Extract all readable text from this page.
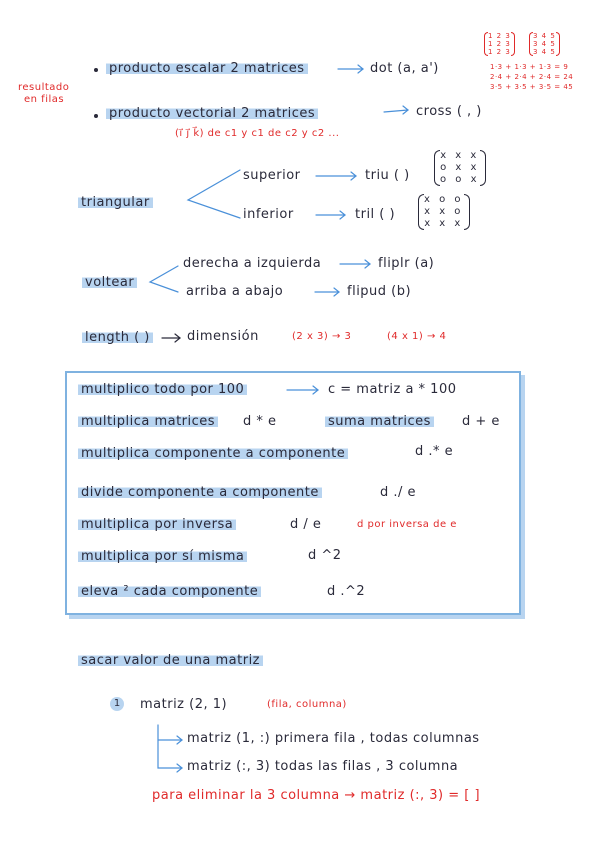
resultado
en filas
producto escalar 2 matrices	dot (a, a')
1 2 3
1 2 3
1 2 3
3 4 5
3 4 5
3 4 5
1·3 + 1·3 + 1·3 = 9
2·4 + 2·4 + 2·4 = 24
3·5 + 3·5 + 3·5 = 45
producto vectorial 2 matrices	cross ( , )
(i⃗ j⃗ k⃗) de c1 y c1 de c2 y c2 ...
triangular
superior	triu ( )
x x x
o x x
o o x
inferior	tril ( )
x o o
x x o
x x x
voltear
derecha a izquierda	fliplr (a)
arriba a abajo	flipud (b)
length ( )	dimensión	(2 x 3) → 3	(4 x 1) → 4
multiplico todo por 100	c = matriz a * 100
multiplica matrices d * e	suma matrices d + e
multiplica componente a componente	d .* e
divide componente a componente	d ./ e
multiplica por inversa	d / e	d por inversa de e
multiplica por sí misma	d ^2
eleva ² cada componente	d .^2
sacar valor de una matriz
1 matriz (2, 1)	(fila, columna)
matriz (1, :) primera fila , todas columnas
matriz (:, 3) todas las filas , 3 columna
para eliminar la 3 columna → matriz (:, 3) = [ ]
